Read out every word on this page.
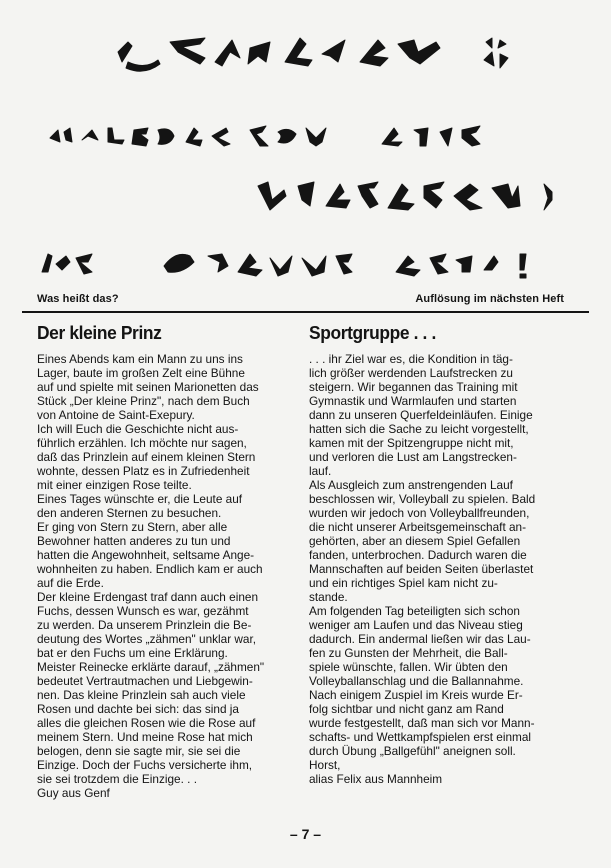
Was heißt das?	Auflösung im nächsten Heft
Der kleine Prinz

Eines Abends kam ein Mann zu uns ins
Lager, baute im großen Zelt eine Bühne
auf und spielte mit seinen Marionetten das
Stück „Der kleine Prinz", nach dem Buch
von Antoine de Saint-Exepury.

Ich will Euch die Geschichte nicht aus-
führlich erzählen. Ich möchte nur sagen,
daß das Prinzlein auf einem kleinen Stern
wohnte, dessen Platz es in Zufriedenheit
mit einer einzigen Rose teilte.

Eines Tages wünschte er, die Leute auf
den anderen Sternen zu besuchen.

Er ging von Stern zu Stern, aber alle
Bewohner hatten anderes zu tun und
hatten die Angewohnheit, seltsame Ange-
wohnheiten zu haben. Endlich kam er auch
auf die Erde.

Der kleine Erdengast traf dann auch einen
Fuchs, dessen Wunsch es war, gezähmt
zu werden. Da unserem Prinzlein die Be-
deutung des Wortes „zähmen" unklar war,
bat er den Fuchs um eine Erklärung.
Meister Reinecke erklärte darauf, „zähmen"
bedeutet Vertrautmachen und Liebgewin-
nen. Das kleine Prinzlein sah auch viele
Rosen und dachte bei sich: das sind ja
alles die gleichen Rosen wie die Rose auf
meinem Stern. Und meine Rose hat mich
belogen, denn sie sagte mir, sie sei die
Einzige. Doch der Fuchs versicherte ihm,
sie sei trotzdem die Einzige. . .

Guy aus Genf

Sportgruppe . . .

. . . ihr Ziel war es, die Kondition in täg-
lich größer werdenden Laufstrecken zu
steigern. Wir begannen das Training mit
Gymnastik und Warmlaufen und starten
dann zu unseren Querfeldeinläufen. Einige
hatten sich die Sache zu leicht vorgestellt,
kamen mit der Spitzengruppe nicht mit,
und verloren die Lust am Langstrecken-
lauf.

Als Ausgleich zum anstrengenden Lauf
beschlossen wir, Volleyball zu spielen. Bald
wurden wir jedoch von Volleyballfreunden,
die nicht unserer Arbeitsgemeinschaft an-
gehörten, aber an diesem Spiel Gefallen
fanden, unterbrochen. Dadurch waren die
Mannschaften auf beiden Seiten überlastet
und ein richtiges Spiel kam nicht zu-
stande.

Am folgenden Tag beteiligten sich schon
weniger am Laufen und das Niveau stieg
dadurch. Ein andermal ließen wir das Lau-
fen zu Gunsten der Mehrheit, die Ball-
spiele wünschte, fallen. Wir übten den
Volleyballanschlag und die Ballannahme.
Nach einigem Zuspiel im Kreis wurde Er-
folg sichtbar und nicht ganz am Rand
wurde festgestellt, daß man sich vor Mann-
schafts- und Wettkampfspielen erst einmal
durch Übung „Ballgefühl" aneignen soll.

Horst,

alias Felix aus Mannheim

– 7 –
